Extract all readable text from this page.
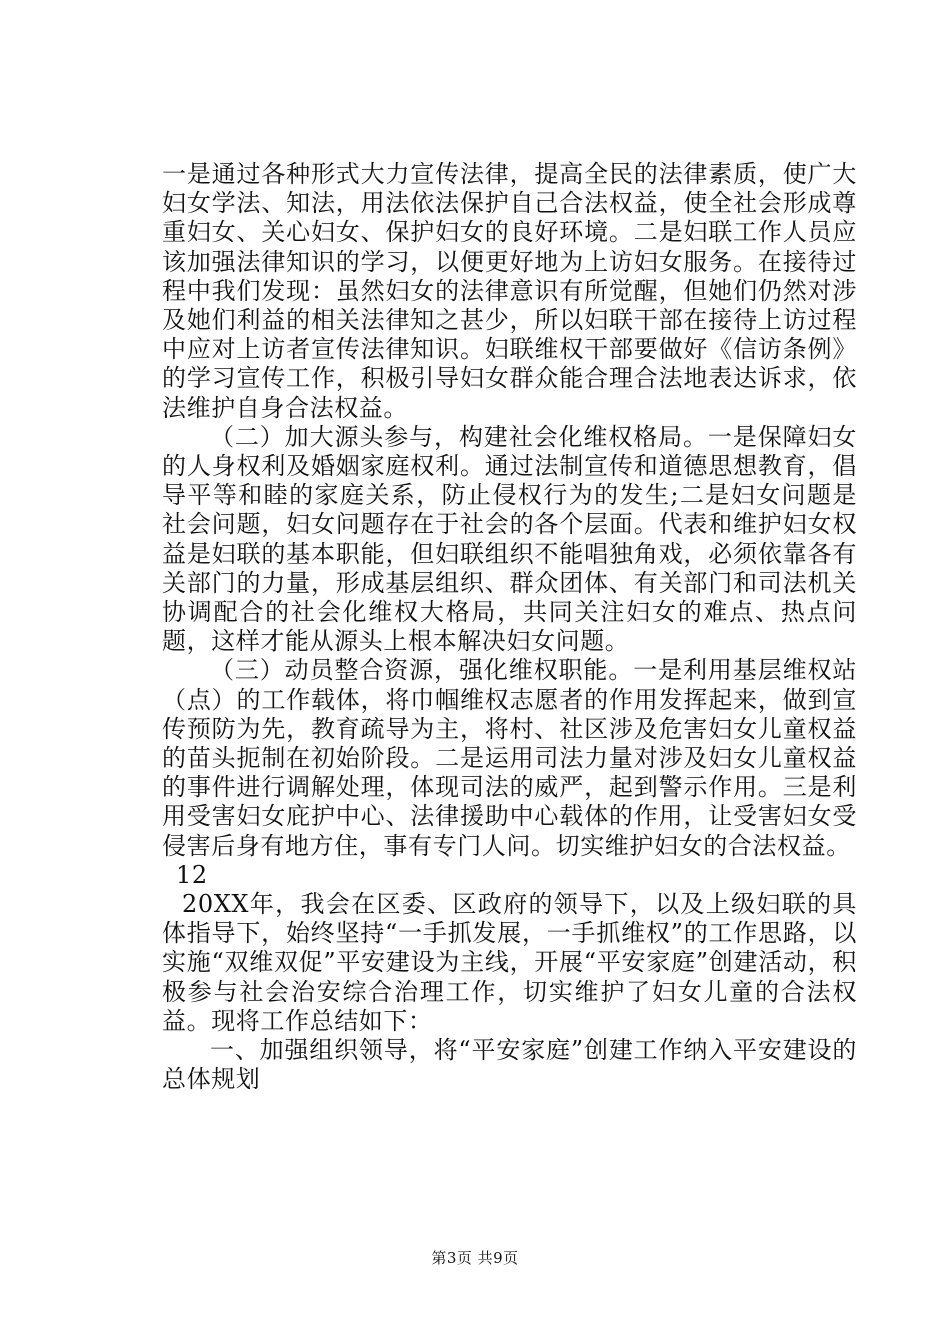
一是通过各种形式大力宣传法律，提高全民的法律素质，使广大妇女学法、知法，用法依法保护自己合法权益，使全社会形成尊重妇女、关心妇女、保护妇女的良好环境。二是妇联工作人员应该加强法律知识的学习，以便更好地为上访妇女服务。在接待过程中我们发现：虽然妇女的法律意识有所觉醒，但她们仍然对涉及她们利益的相关法律知之甚少，所以妇联干部在接待上访过程中应对上访者宣传法律知识。妇联维权干部要做好《信访条例》的学习宣传工作，积极引导妇女群众能合理合法地表达诉求，依法维护自身合法权益。

（二）加大源头参与，构建社会化维权格局。一是保障妇女的人身权利及婚姻家庭权利。通过法制宣传和道德思想教育，倡导平等和睦的家庭关系，防止侵权行为的发生;二是妇女问题是社会问题，妇女问题存在于社会的各个层面。代表和维护妇女权益是妇联的基本职能，但妇联组织不能唱独角戏，必须依靠各有关部门的力量，形成基层组织、群众团体、有关部门和司法机关协调配合的社会化维权大格局，共同关注妇女的难点、热点问题，这样才能从源头上根本解决妇女问题。

（三）动员整合资源，强化维权职能。一是利用基层维权站（点）的工作载体，将巾帼维权志愿者的作用发挥起来，做到宣传预防为先，教育疏导为主，将村、社区涉及危害妇女儿童权益的苗头扼制在初始阶段。二是运用司法力量对涉及妇女儿童权益的事件进行调解处理，体现司法的威严，起到警示作用。三是利用受害妇女庇护中心、法律援助中心载体的作用，让受害妇女受侵害后身有地方住，事有专门人问。切实维护妇女的合法权益。

12

20XX年，我会在区委、区政府的领导下，以及上级妇联的具体指导下，始终坚持“一手抓发展，一手抓维权”的工作思路，以实施“双维双促”平安建设为主线，开展“平安家庭”创建活动，积极参与社会治安综合治理工作，切实维护了妇女儿童的合法权益。现将工作总结如下：

一、加强组织领导，将“平安家庭”创建工作纳入平安建设的总体规划

第3页 共9页
